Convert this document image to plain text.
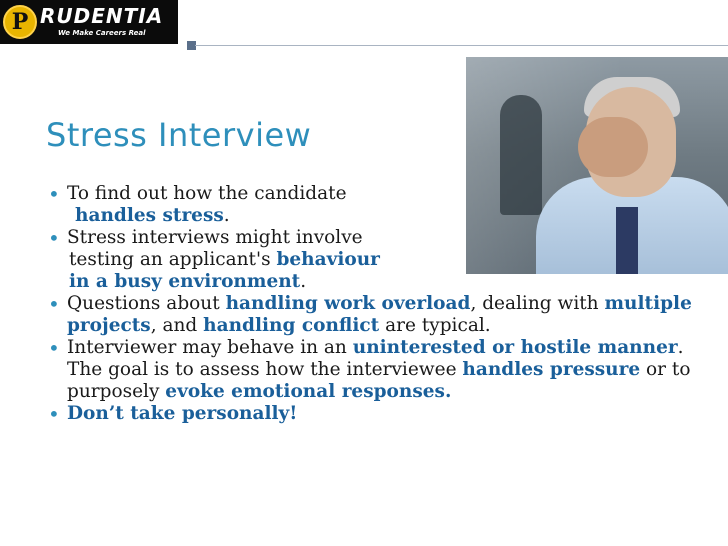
P RUDENTIA
We Make Careers Real
Stress Interview
• To find out how the candidate
handles stress.
• Stress interviews might involve
testing an applicant's behaviour
in a busy environment.
• Questions about handling work overload, dealing with multiple projects, and handling conflict are typical.
• Interviewer may behave in an uninterested or hostile manner. The goal is to assess how the interviewee handles pressure or to purposely evoke emotional responses.
• Don’t take personally!
